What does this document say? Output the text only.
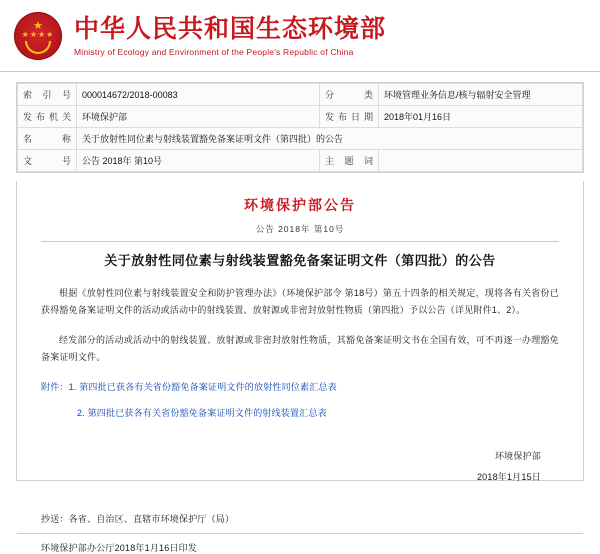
★
★★★★ 中华人民共和国生态环境部
Ministry of Ecology and Environment of the People's Republic of China
索引号	000014672/2018-00083	分类	环境管理业务信息/核与辐射安全管理
发布机关	环境保护部	发布日期	2018年01月16日
名称	关于放射性同位素与射线装置豁免备案证明文件（第四批）的公告		
文号	公告 2018年 第10号	主题词	
环境保护部公告
公告 2018年 第10号
关于放射性同位素与射线装置豁免备案证明文件（第四批）的公告
根据《放射性同位素与射线装置安全和防护管理办法》（环境保护部令 第18号）第五十四条的相关规定，现将各有关省份已获得豁免备案证明文件的活动或活动中的射线装置、放射源或非密封放射性物质（第四批）予以公告（详见附件1、2）。
经发部分的活动或活动中的射线装置、放射源或非密封放射性物质，其豁免备案证明文书在全国有效，可不再逐一办理豁免备案证明文件。
附件：1. 第四批已获各有关省份豁免备案证明文件的放射性同位素汇总表
2. 第四批已获各有关省份豁免备案证明文件的射线装置汇总表
环境保护部
2018年1月15日
抄送：各省、自治区、直辖市环境保护厅（局）
环境保护部办公厅2018年1月16日印发
